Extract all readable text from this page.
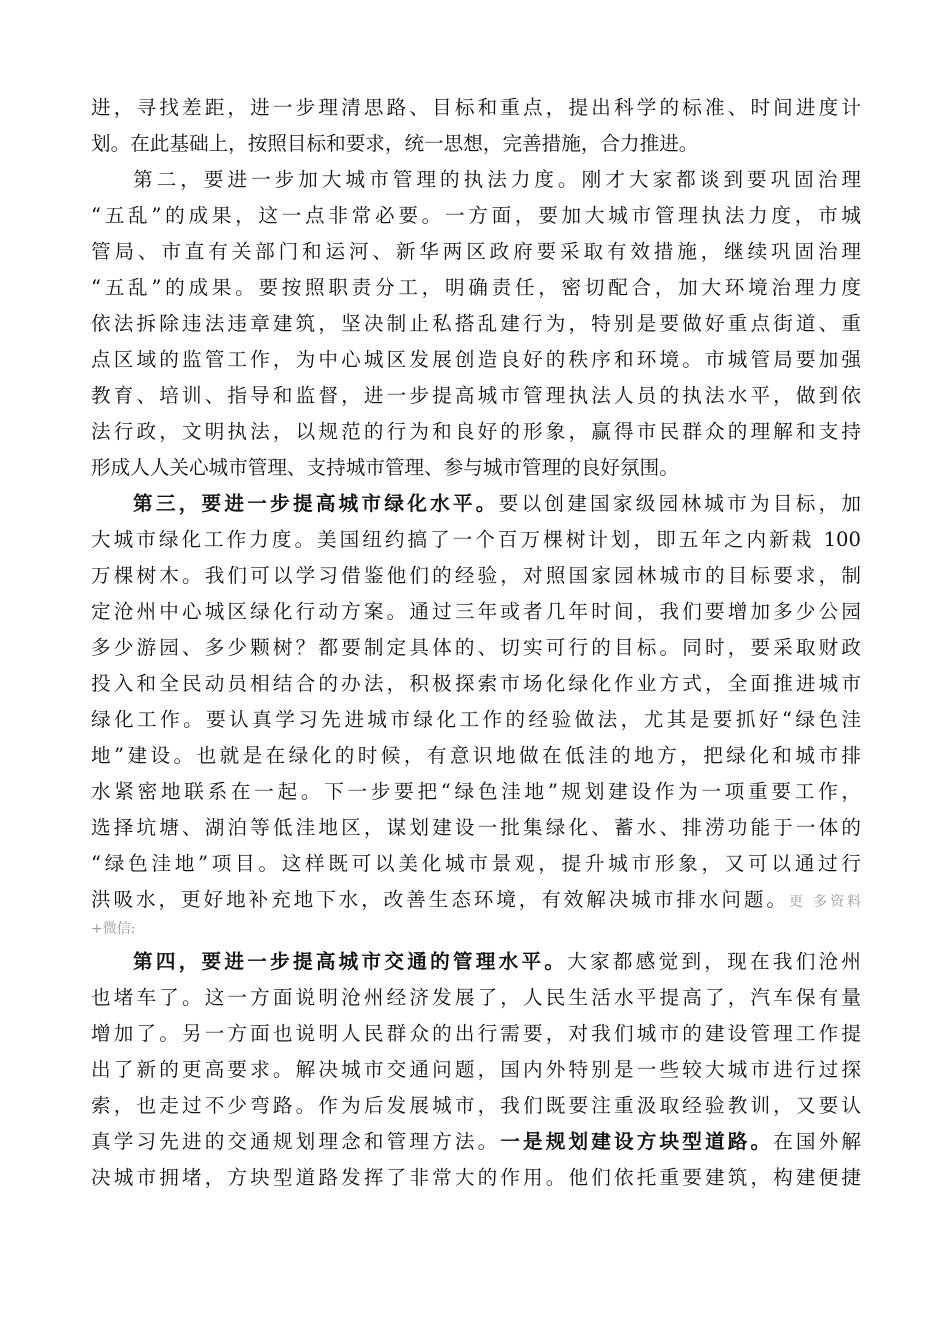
进，寻找差距，进一步理清思路、目标和重点，提出科学的标准、时间进度计
划。在此基础上，按照目标和要求，统一思想，完善措施，合力推进。
第二，要进一步加大城市管理的执法力度。刚才大家都谈到要巩固治理
“五乱”的成果，这一点非常必要。一方面，要加大城市管理执法力度，市城
管局、市直有关部门和运河、新华两区政府要采取有效措施，继续巩固治理
“五乱”的成果。要按照职责分工，明确责任，密切配合，加大环境治理力度
依法拆除违法违章建筑，坚决制止私搭乱建行为，特别是要做好重点街道、重
点区域的监管工作，为中心城区发展创造良好的秩序和环境。市城管局要加强
教育、培训、指导和监督，进一步提高城市管理执法人员的执法水平，做到依
法行政，文明执法，以规范的行为和良好的形象，赢得市民群众的理解和支持
形成人人关心城市管理、支持城市管理、参与城市管理的良好氛围。
第三，要进一步提高城市绿化水平。要以创建国家级园林城市为目标，加
大城市绿化工作力度。美国纽约搞了一个百万棵树计划，即五年之内新栽 100
万棵树木。我们可以学习借鉴他们的经验，对照国家园林城市的目标要求，制
定沧州中心城区绿化行动方案。通过三年或者几年时间，我们要增加多少公园
多少游园、多少颗树？都要制定具体的、切实可行的目标。同时，要采取财政
投入和全民动员相结合的办法，积极探索市场化绿化作业方式，全面推进城市
绿化工作。要认真学习先进城市绿化工作的经验做法，尤其是要抓好“绿色洼
地”建设。也就是在绿化的时候，有意识地做在低洼的地方，把绿化和城市排
水紧密地联系在一起。下一步要把“绿色洼地”规划建设作为一项重要工作，
选择坑塘、湖泊等低洼地区，谋划建设一批集绿化、蓄水、排涝功能于一体的
“绿色洼地”项目。这样既可以美化城市景观，提升城市形象，又可以通过行
洪吸水，更好地补充地下水，改善生态环境，有效解决城市排水问题。更 多资料
+微信:
第四，要进一步提高城市交通的管理水平。大家都感觉到，现在我们沧州
也堵车了。这一方面说明沧州经济发展了，人民生活水平提高了，汽车保有量
增加了。另一方面也说明人民群众的出行需要，对我们城市的建设管理工作提
出了新的更高要求。解决城市交通问题，国内外特别是一些较大城市进行过探
索，也走过不少弯路。作为后发展城市，我们既要注重汲取经验教训，又要认
真学习先进的交通规划理念和管理方法。一是规划建设方块型道路。在国外解
决城市拥堵，方块型道路发挥了非常大的作用。他们依托重要建筑，构建便捷
